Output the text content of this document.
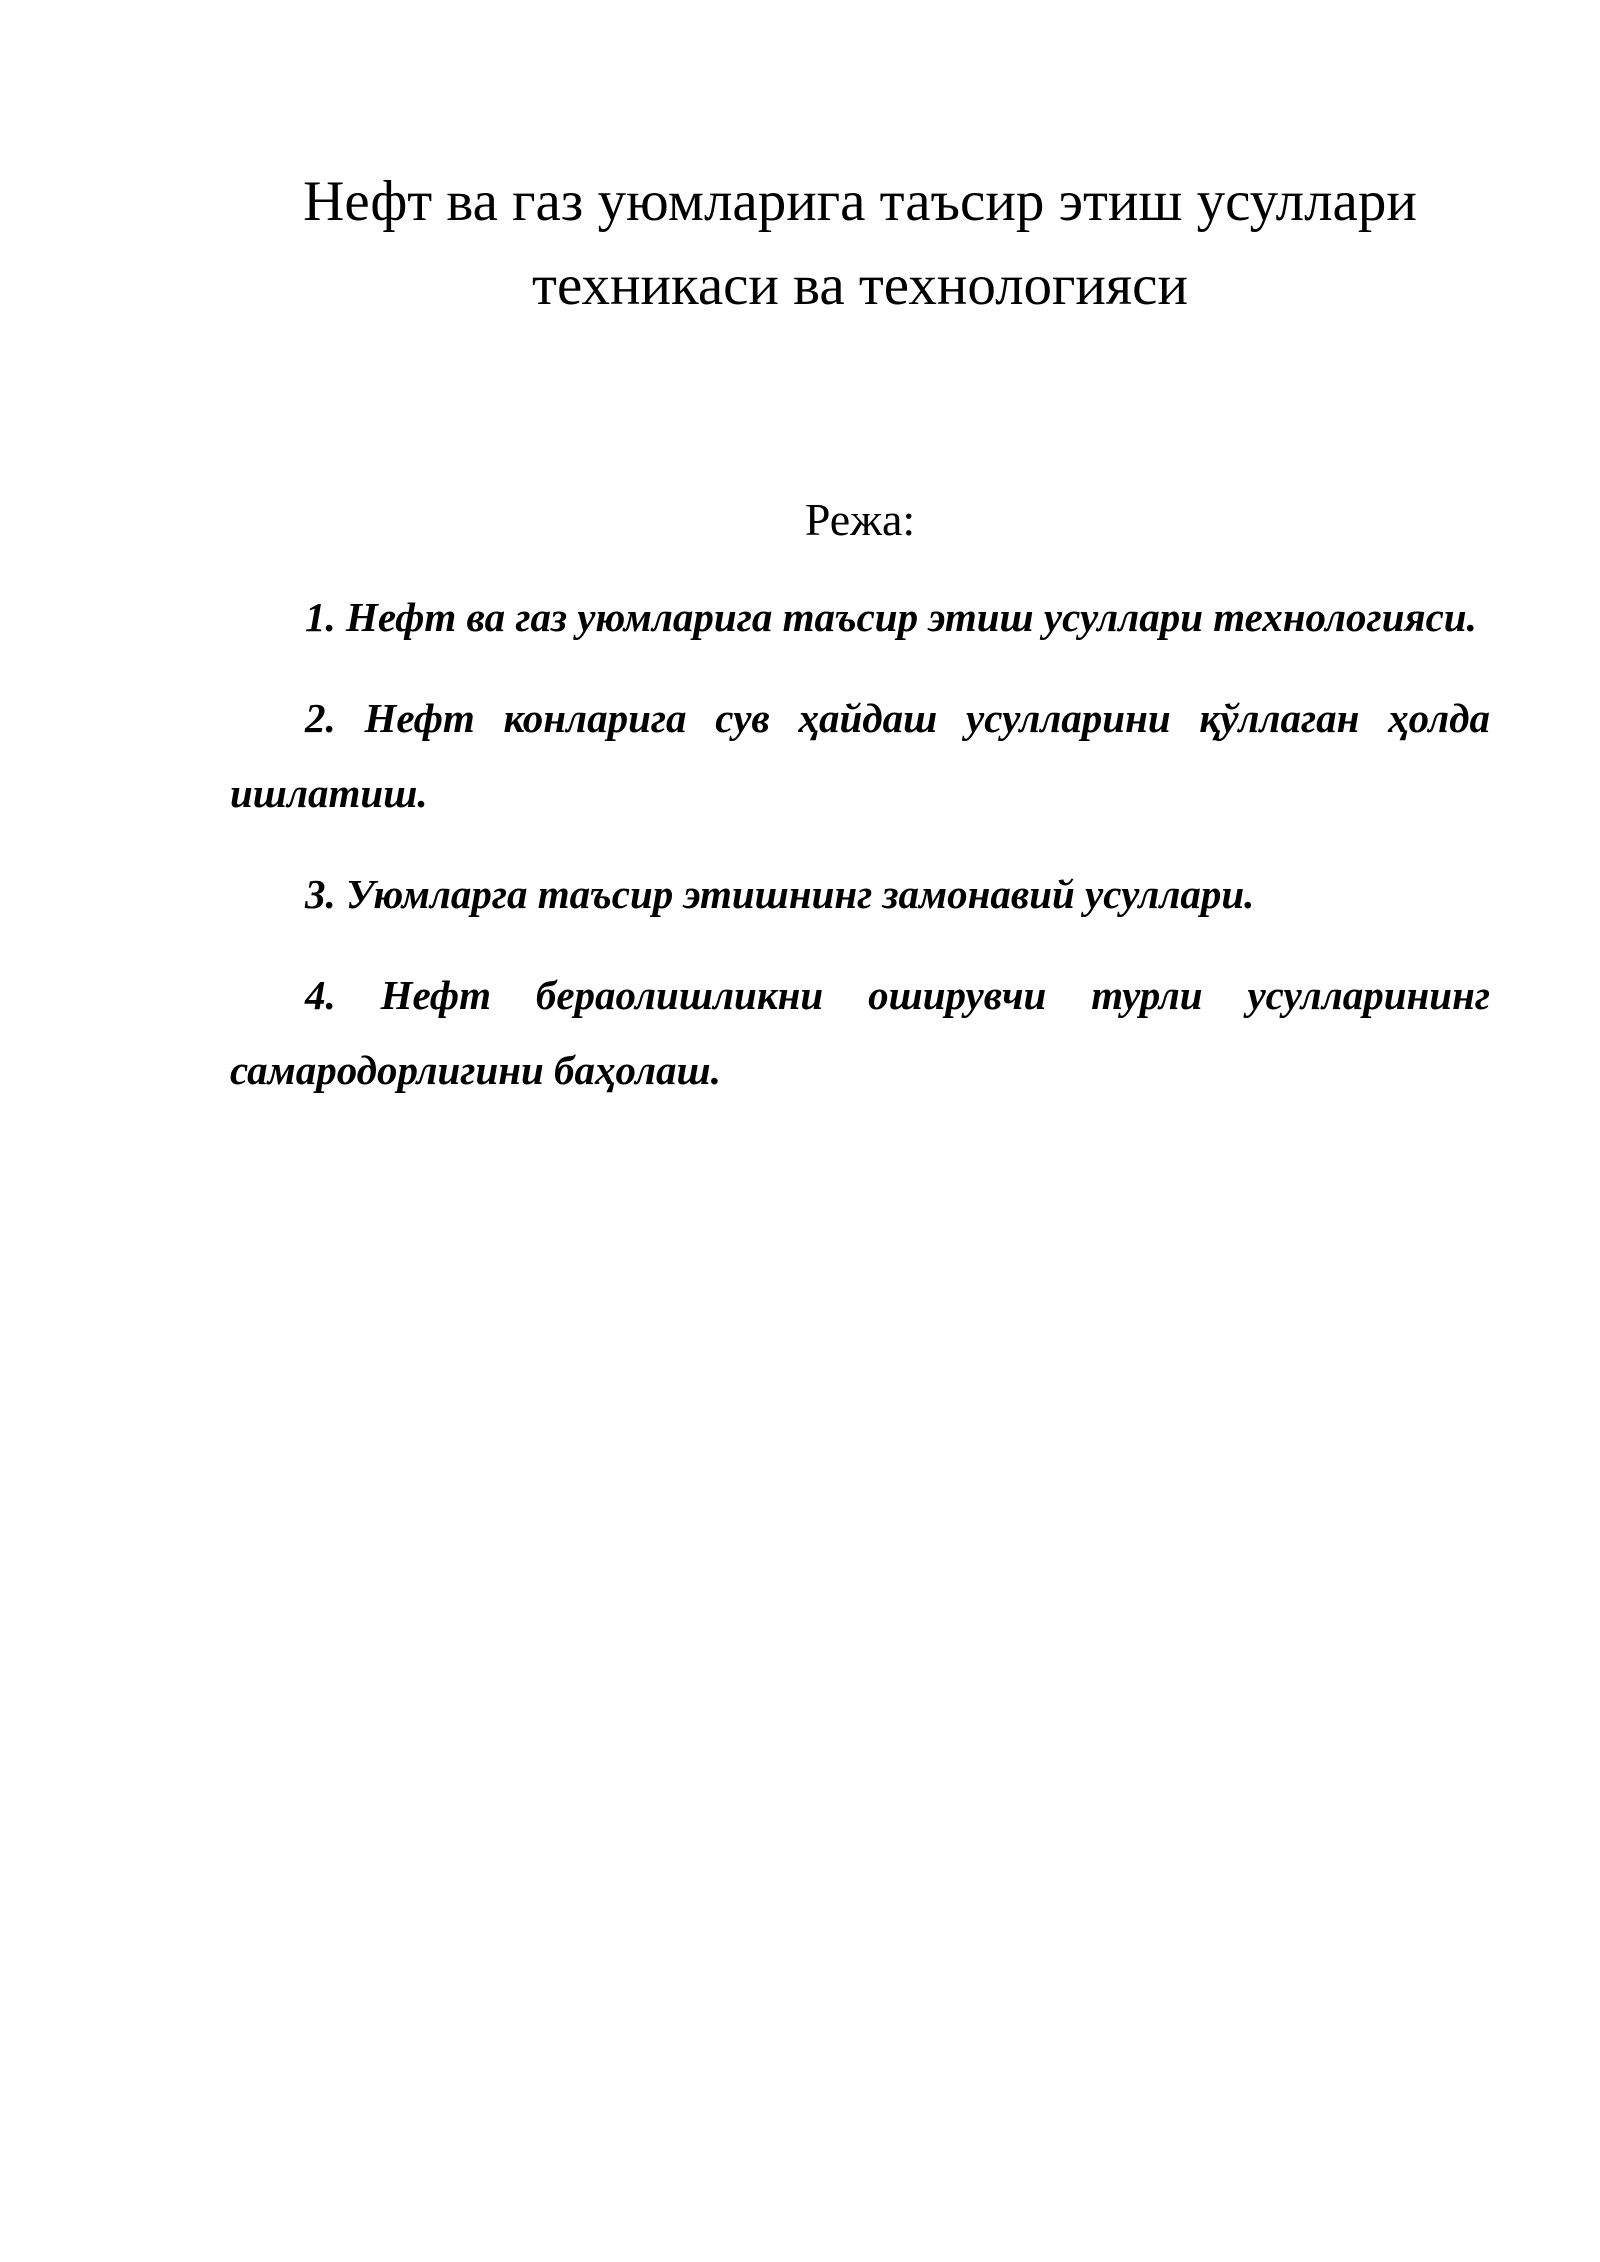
Нефт ва газ уюмларига таъсир этиш усуллари
техникаси ва технологияси
Режа:
1. Нефт ва газ уюмларига таъсир этиш усуллари технологияси.
2. Нефт конларига сув ҳайдаш усулларини қўллаган ҳолда ишлатиш.
3. Уюмларга таъсир этишнинг замонавий усуллари.
4. Нефт бераолишликни оширувчи турли усулларининг самародорлигини баҳолаш.
